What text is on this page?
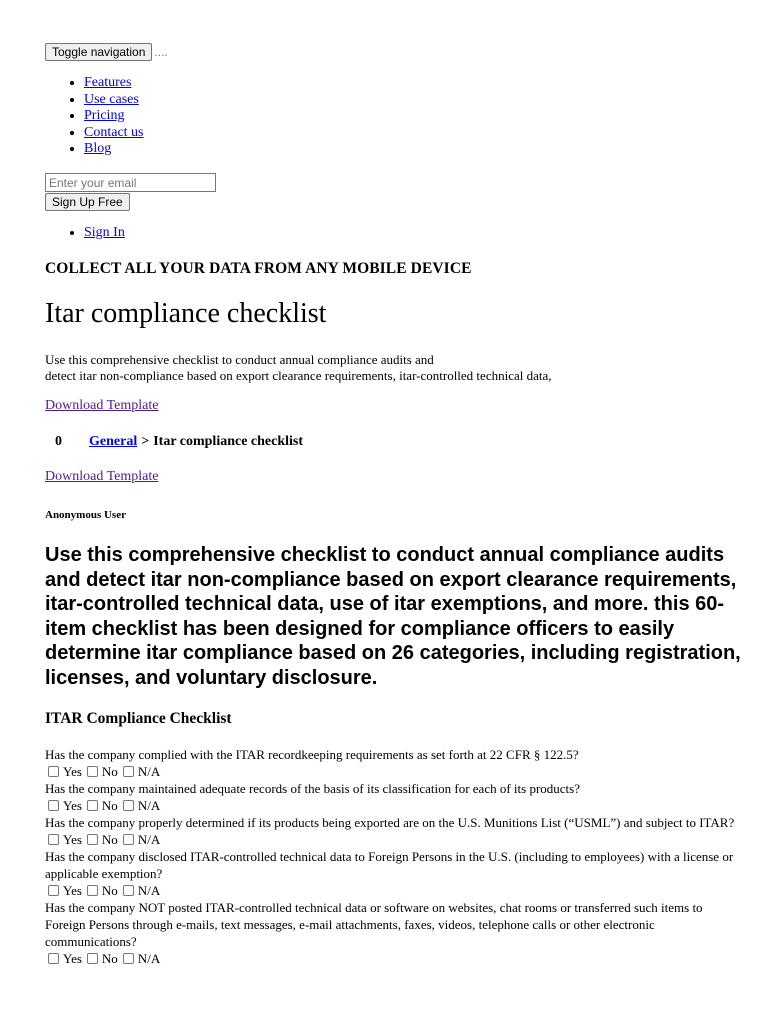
Toggle navigation ....
• Features
• Use cases
• Pricing
• Contact us
• Blog
Enter your email
Sign Up Free
• Sign In
COLLECT ALL YOUR DATA FROM ANY MOBILE DEVICE
Itar compliance checklist
Use this comprehensive checklist to conduct annual compliance audits and
detect itar non-compliance based on export clearance requirements, itar-controlled technical data,
Download Template
0	General > Itar compliance checklist
Download Template
Anonymous User
Use this comprehensive checklist to conduct annual compliance audits and detect itar non-compliance based on export clearance requirements, itar-controlled technical data, use of itar exemptions, and more. this 60-item checklist has been designed for compliance officers to easily determine itar compliance based on 26 categories, including registration, licenses, and voluntary disclosure.
ITAR Compliance Checklist
Has the company complied with the ITAR recordkeeping requirements as set forth at 22 CFR § 122.5?
Yes No N/A
Has the company maintained adequate records of the basis of its classification for each of its products?
Yes No N/A
Has the company properly determined if its products being exported are on the U.S. Munitions List (“USML”) and subject to ITAR?
Yes No N/A
Has the company disclosed ITAR-controlled technical data to Foreign Persons in the U.S. (including to employees) with a license or applicable exemption?
Yes No N/A
Has the company NOT posted ITAR-controlled technical data or software on websites, chat rooms or transferred such items to Foreign Persons through e-mails, text messages, e-mail attachments, faxes, videos, telephone calls or other electronic communications?
Yes No N/A
